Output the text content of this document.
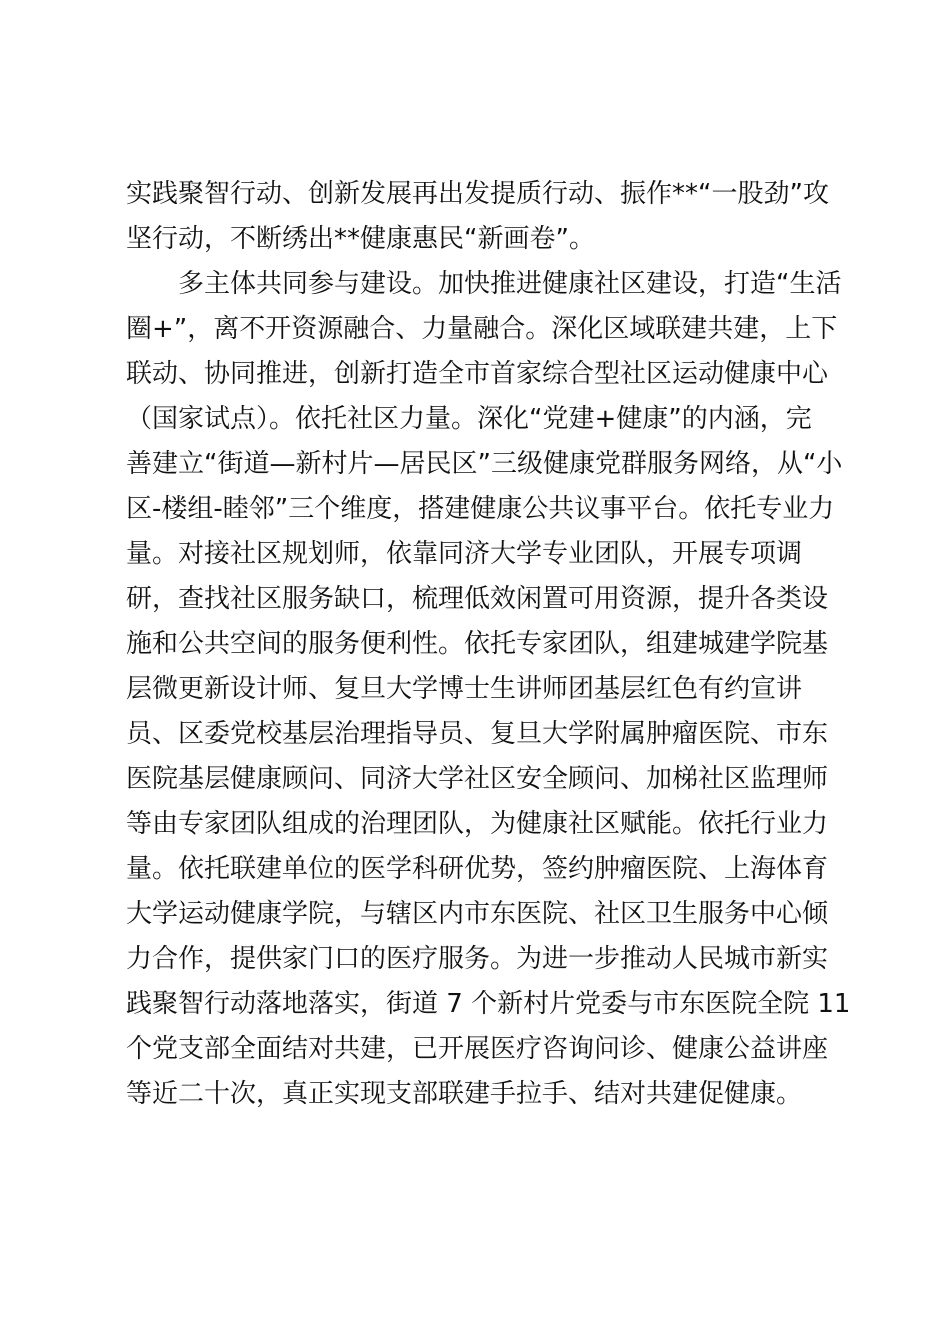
实践聚智行动、创新发展再出发提质行动、振作**“一股劲”攻
坚行动，不断绣出**健康惠民“新画卷”。
　　多主体共同参与建设。加快推进健康社区建设，打造“生活
圈+”，离不开资源融合、力量融合。深化区域联建共建，上下
联动、协同推进，创新打造全市首家综合型社区运动健康中心
（国家试点）。依托社区力量。深化“党建+健康”的内涵，完
善建立“街道—新村片—居民区”三级健康党群服务网络，从“小
区-楼组-睦邻”三个维度，搭建健康公共议事平台。依托专业力
量。对接社区规划师，依靠同济大学专业团队，开展专项调
研，查找社区服务缺口，梳理低效闲置可用资源，提升各类设
施和公共空间的服务便利性。依托专家团队，组建城建学院基
层微更新设计师、复旦大学博士生讲师团基层红色有约宣讲
员、区委党校基层治理指导员、复旦大学附属肿瘤医院、市东
医院基层健康顾问、同济大学社区安全顾问、加梯社区监理师
等由专家团队组成的治理团队，为健康社区赋能。依托行业力
量。依托联建单位的医学科研优势，签约肿瘤医院、上海体育
大学运动健康学院，与辖区内市东医院、社区卫生服务中心倾
力合作，提供家门口的医疗服务。为进一步推动人民城市新实
践聚智行动落地落实，街道 7 个新村片党委与市东医院全院 11
个党支部全面结对共建，已开展医疗咨询问诊、健康公益讲座
等近二十次，真正实现支部联建手拉手、结对共建促健康。
